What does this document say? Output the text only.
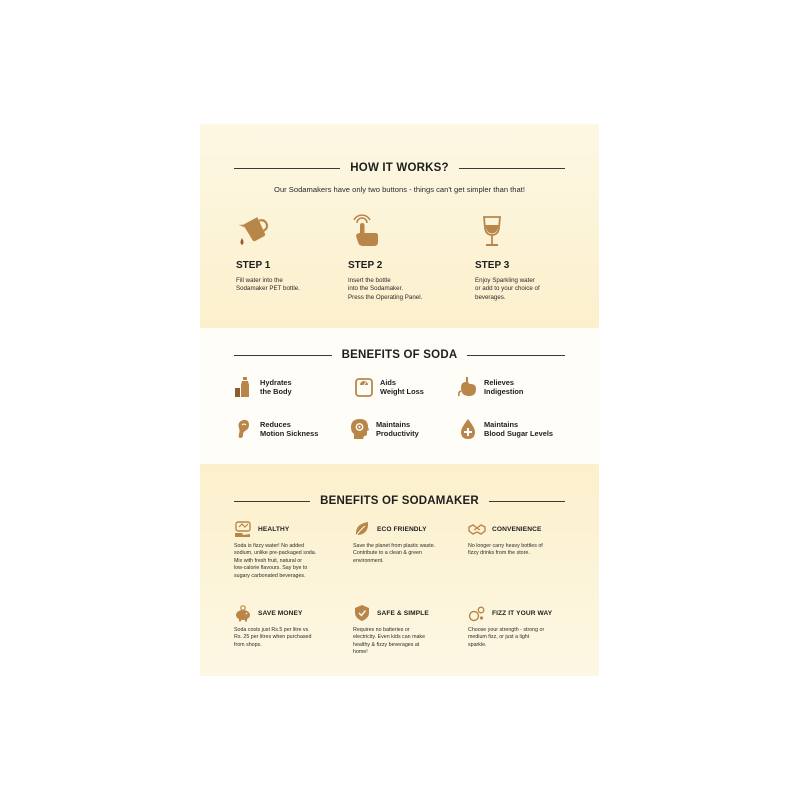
HOW IT WORKS?
Our Sodamakers have only two buttons - things can't get simpler than that!
STEP 1
Fill water into the
Sodamaker PET bottle.
STEP 2
Insert the bottle
into the Sodamaker.
Press the Operating Panel.
STEP 3
Enjoy Sparkling water
or add to your choice of
beverages.
BENEFITS OF SODA
Hydrates
the Body
Aids
Weight Loss
Relieves
Indigestion
Reduces
Motion Sickness
Maintains
Productivity
Maintains
Blood Sugar Levels
BENEFITS OF SODAMAKER
HEALTHY
Soda is fizzy water! No added
sodium, unlike pre-packaged soda.
Mix with fresh fruit, natural or
low-calorie flavours. Say bye to
sugary carbonated beverages.
ECO FRIENDLY
Save the planet from plastic waste.
Contribute to a clean & green
environment.
CONVENIENCE
No longer carry heavy bottles of
fizzy drinks from the store.
SAVE MONEY
Soda costs just Rs.5 per litre vs.
Rs. 25 per litres when purchased
from shops.
SAFE & SIMPLE
Requires no batteries or
electricity. Even kids can make
healthy & fizzy beverages at
home!
FIZZ IT YOUR WAY
Choose your strength - strong or
medium fizz, or just a light
sparkle.
